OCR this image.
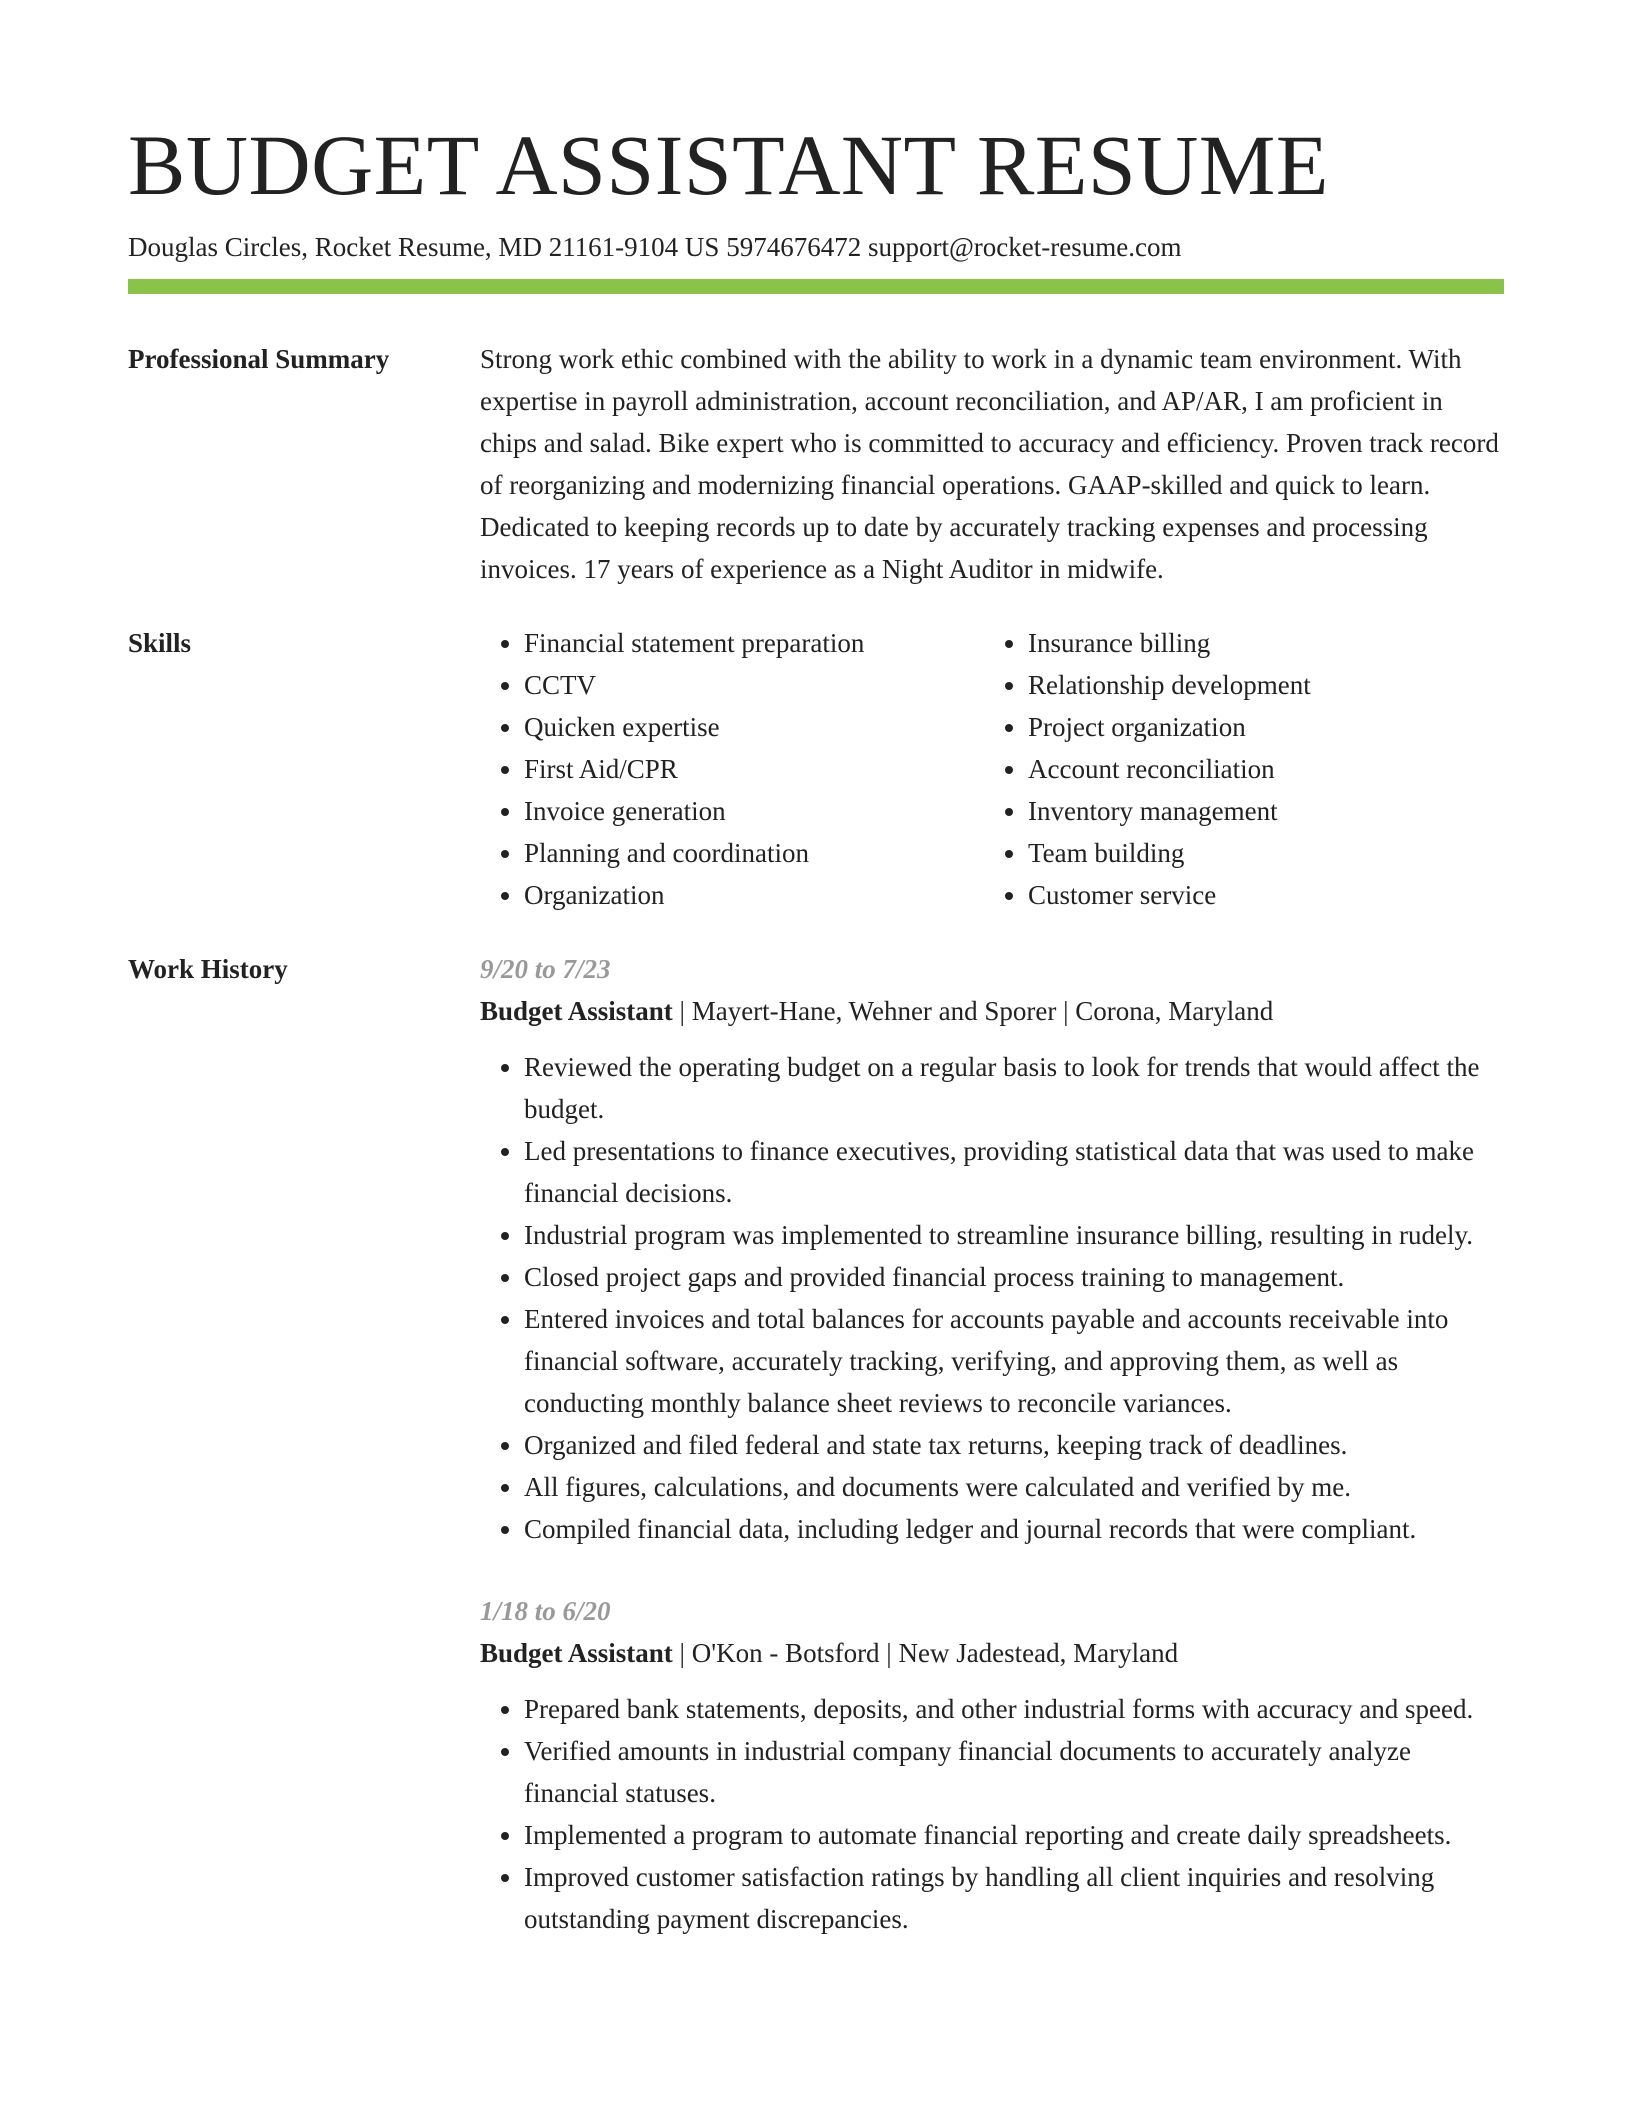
BUDGET ASSISTANT RESUME
Douglas Circles, Rocket Resume, MD 21161-9104 US 5974676472 support@rocket-resume.com
Professional Summary	Strong work ethic combined with the ability to work in a dynamic team environment. With expertise in payroll administration, account reconciliation, and AP/AR, I am proficient in chips and salad. Bike expert who is committed to accuracy and efficiency. Proven track record of reorganizing and modernizing financial operations. GAAP-skilled and quick to learn. Dedicated to keeping records up to date by accurately tracking expenses and processing invoices. 17 years of experience as a Night Auditor in midwife.

Skills
•	Financial statement preparation
• CCTV
• Quicken expertise
• First Aid/CPR
• Invoice generation
• Planning and coordination
• Organization
• Insurance billing
• Relationship development
• Project organization
• Account reconciliation
• Inventory management
• Team building
• Customer service
Work History	9/20 to 7/23
Budget Assistant | Mayert-Hane, Wehner and Sporer | Corona, Maryland
• Reviewed the operating budget on a regular basis to look for trends that would affect the budget.
• Led presentations to finance executives, providing statistical data that was used to make financial decisions.
• Industrial program was implemented to streamline insurance billing, resulting in rudely.
• Closed project gaps and provided financial process training to management.
• Entered invoices and total balances for accounts payable and accounts receivable into financial software, accurately tracking, verifying, and approving them, as well as conducting monthly balance sheet reviews to reconcile variances.
• Organized and filed federal and state tax returns, keeping track of deadlines.
• All figures, calculations, and documents were calculated and verified by me.
• Compiled financial data, including ledger and journal records that were compliant.
1/18 to 6/20
Budget Assistant | O'Kon - Botsford | New Jadestead, Maryland
• Prepared bank statements, deposits, and other industrial forms with accuracy and speed.
• Verified amounts in industrial company financial documents to accurately analyze financial statuses.
• Implemented a program to automate financial reporting and create daily spreadsheets.
• Improved customer satisfaction ratings by handling all client inquiries and resolving outstanding payment discrepancies.
